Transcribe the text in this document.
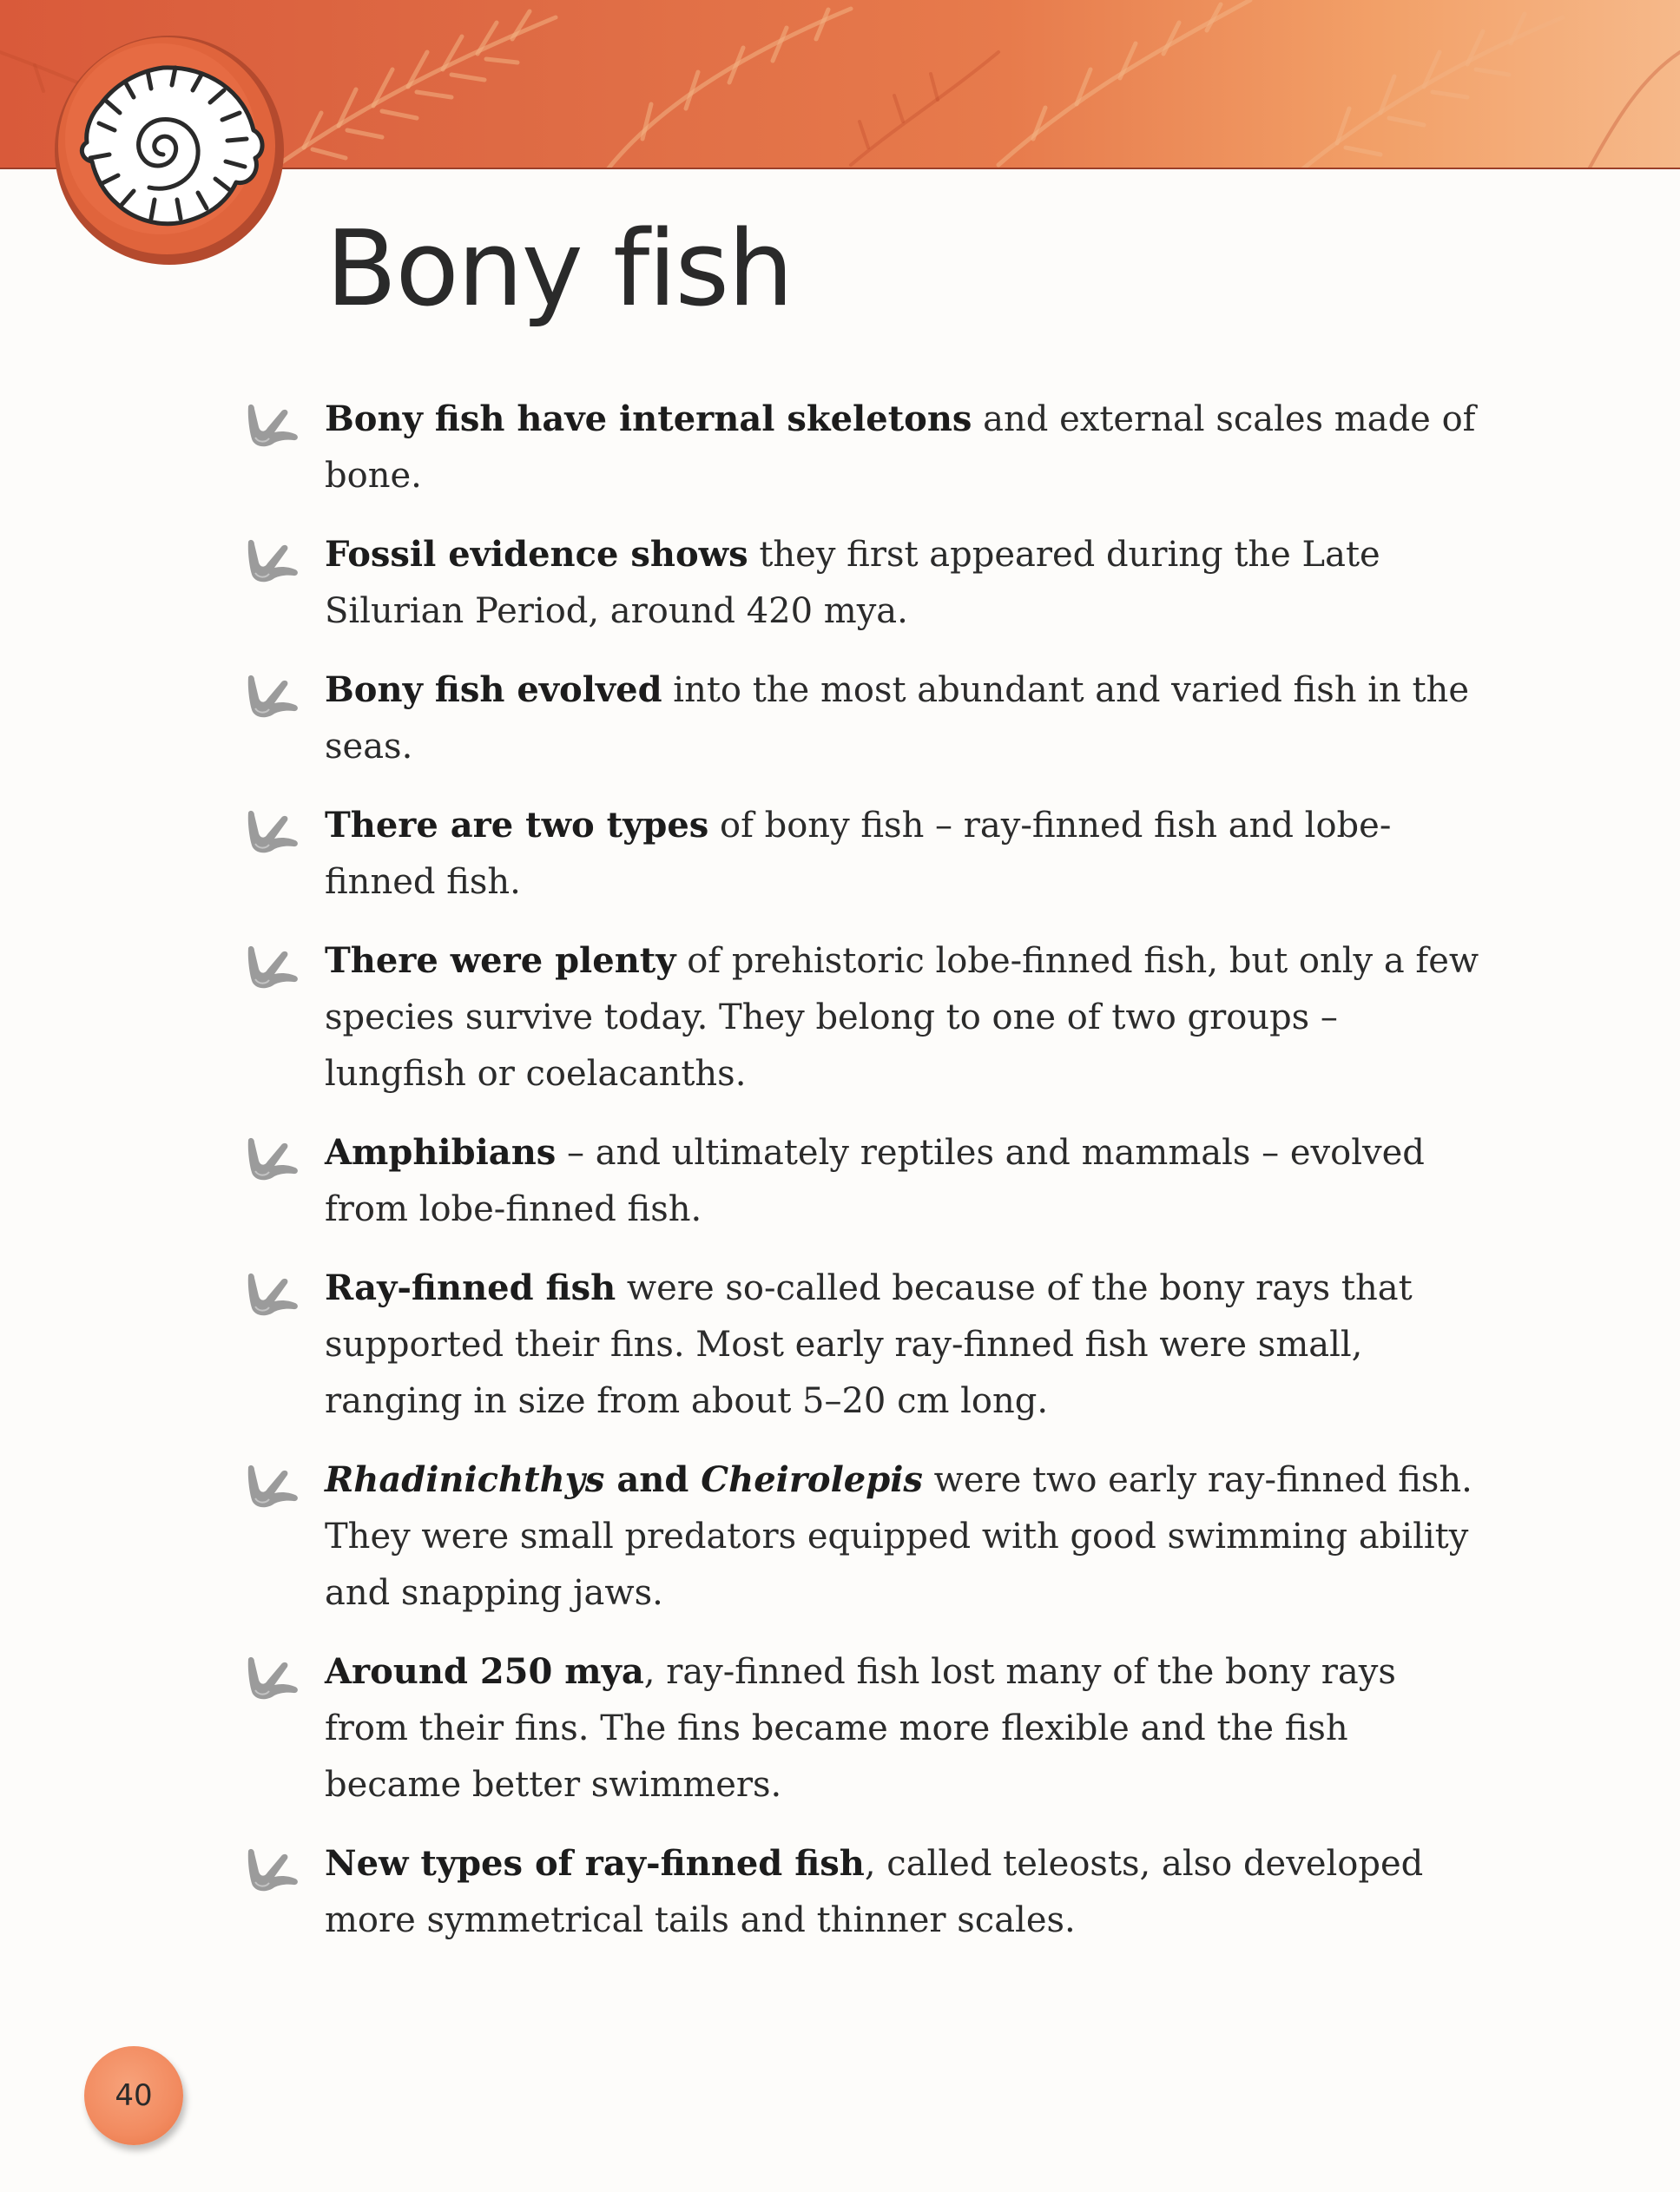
Bony fish
Bony fish have internal skeletons and external scales made of bone.
Fossil evidence shows they first appeared during the Late Silurian Period, around 420 mya.
Bony fish evolved into the most abundant and varied fish in the seas.
There are two types of bony fish – ray-finned fish and lobe-finned fish.
There were plenty of prehistoric lobe-finned fish, but only a few species survive today. They belong to one of two groups – lungfish or coelacanths.
Amphibians – and ultimately reptiles and mammals – evolved from lobe-finned fish.
Ray-finned fish were so-called because of the bony rays that supported their fins. Most early ray-finned fish were small, ranging in size from about 5–20 cm long.
Rhadinichthys and Cheirolepis were two early ray-finned fish. They were small predators equipped with good swimming ability and snapping jaws.
Around 250 mya, ray-finned fish lost many of the bony rays from their fins. The fins became more flexible and the fish became better swimmers.
New types of ray-finned fish, called teleosts, also developed more symmetrical tails and thinner scales.
40
